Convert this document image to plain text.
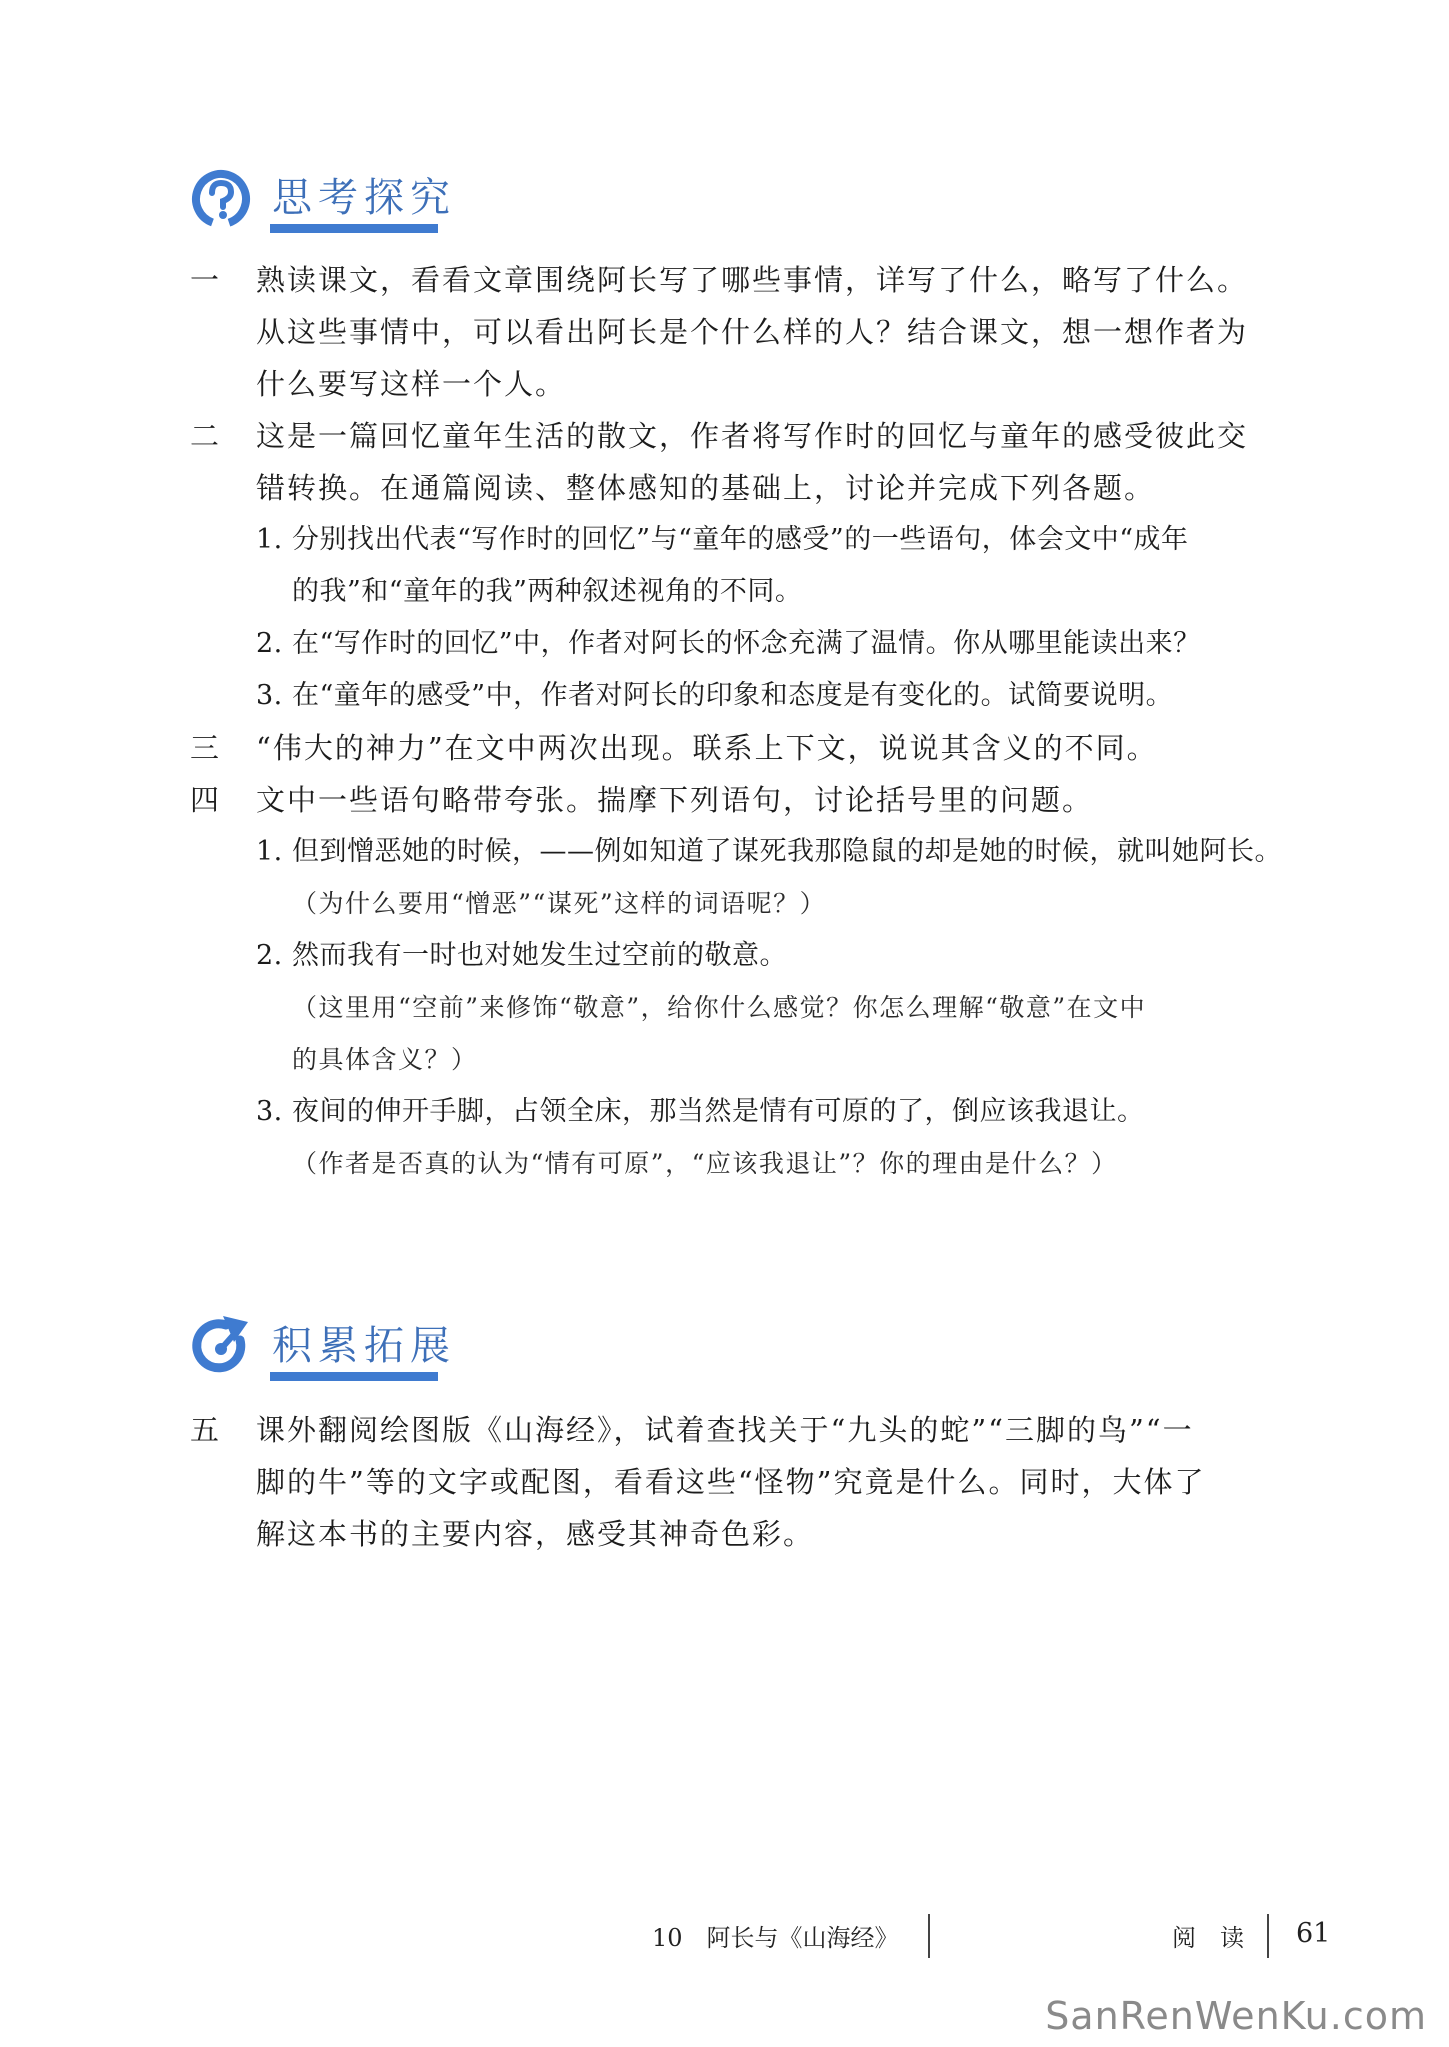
思考探究
一 熟读课文，看看文章围绕阿长写了哪些事情，详写了什么，略写了什么。
从这些事情中，可以看出阿长是个什么样的人？结合课文，想一想作者为
什么要写这样一个人。
二 这是一篇回忆童年生活的散文，作者将写作时的回忆与童年的感受彼此交
错转换。在通篇阅读、整体感知的基础上，讨论并完成下列各题。
1. 分别找出代表“写作时的回忆”与“童年的感受”的一些语句，体会文中“成年
的我”和“童年的我”两种叙述视角的不同。
2. 在“写作时的回忆”中，作者对阿长的怀念充满了温情。你从哪里能读出来？
3. 在“童年的感受”中，作者对阿长的印象和态度是有变化的。试简要说明。
三 “伟大的神力”在文中两次出现。联系上下文，说说其含义的不同。
四 文中一些语句略带夸张。揣摩下列语句，讨论括号里的问题。
1. 但到憎恶她的时候，——例如知道了谋死我那隐鼠的却是她的时候，就叫她阿长。
（为什么要用“憎恶”“谋死”这样的词语呢？）
2. 然而我有一时也对她发生过空前的敬意。
（这里用“空前”来修饰“敬意”，给你什么感觉？你怎么理解“敬意”在文中
的具体含义？）
3. 夜间的伸开手脚，占领全床，那当然是情有可原的了，倒应该我退让。
（作者是否真的认为“情有可原”，“应该我退让”？你的理由是什么？）
积累拓展
五 课外翻阅绘图版《山海经》，试着查找关于“九头的蛇”“三脚的鸟”“一
脚的牛”等的文字或配图，看看这些“怪物”究竟是什么。同时，大体了
解这本书的主要内容，感受其神奇色彩。
10　阿长与《山海经》	阅　读 61
SanRenWenKu.com
